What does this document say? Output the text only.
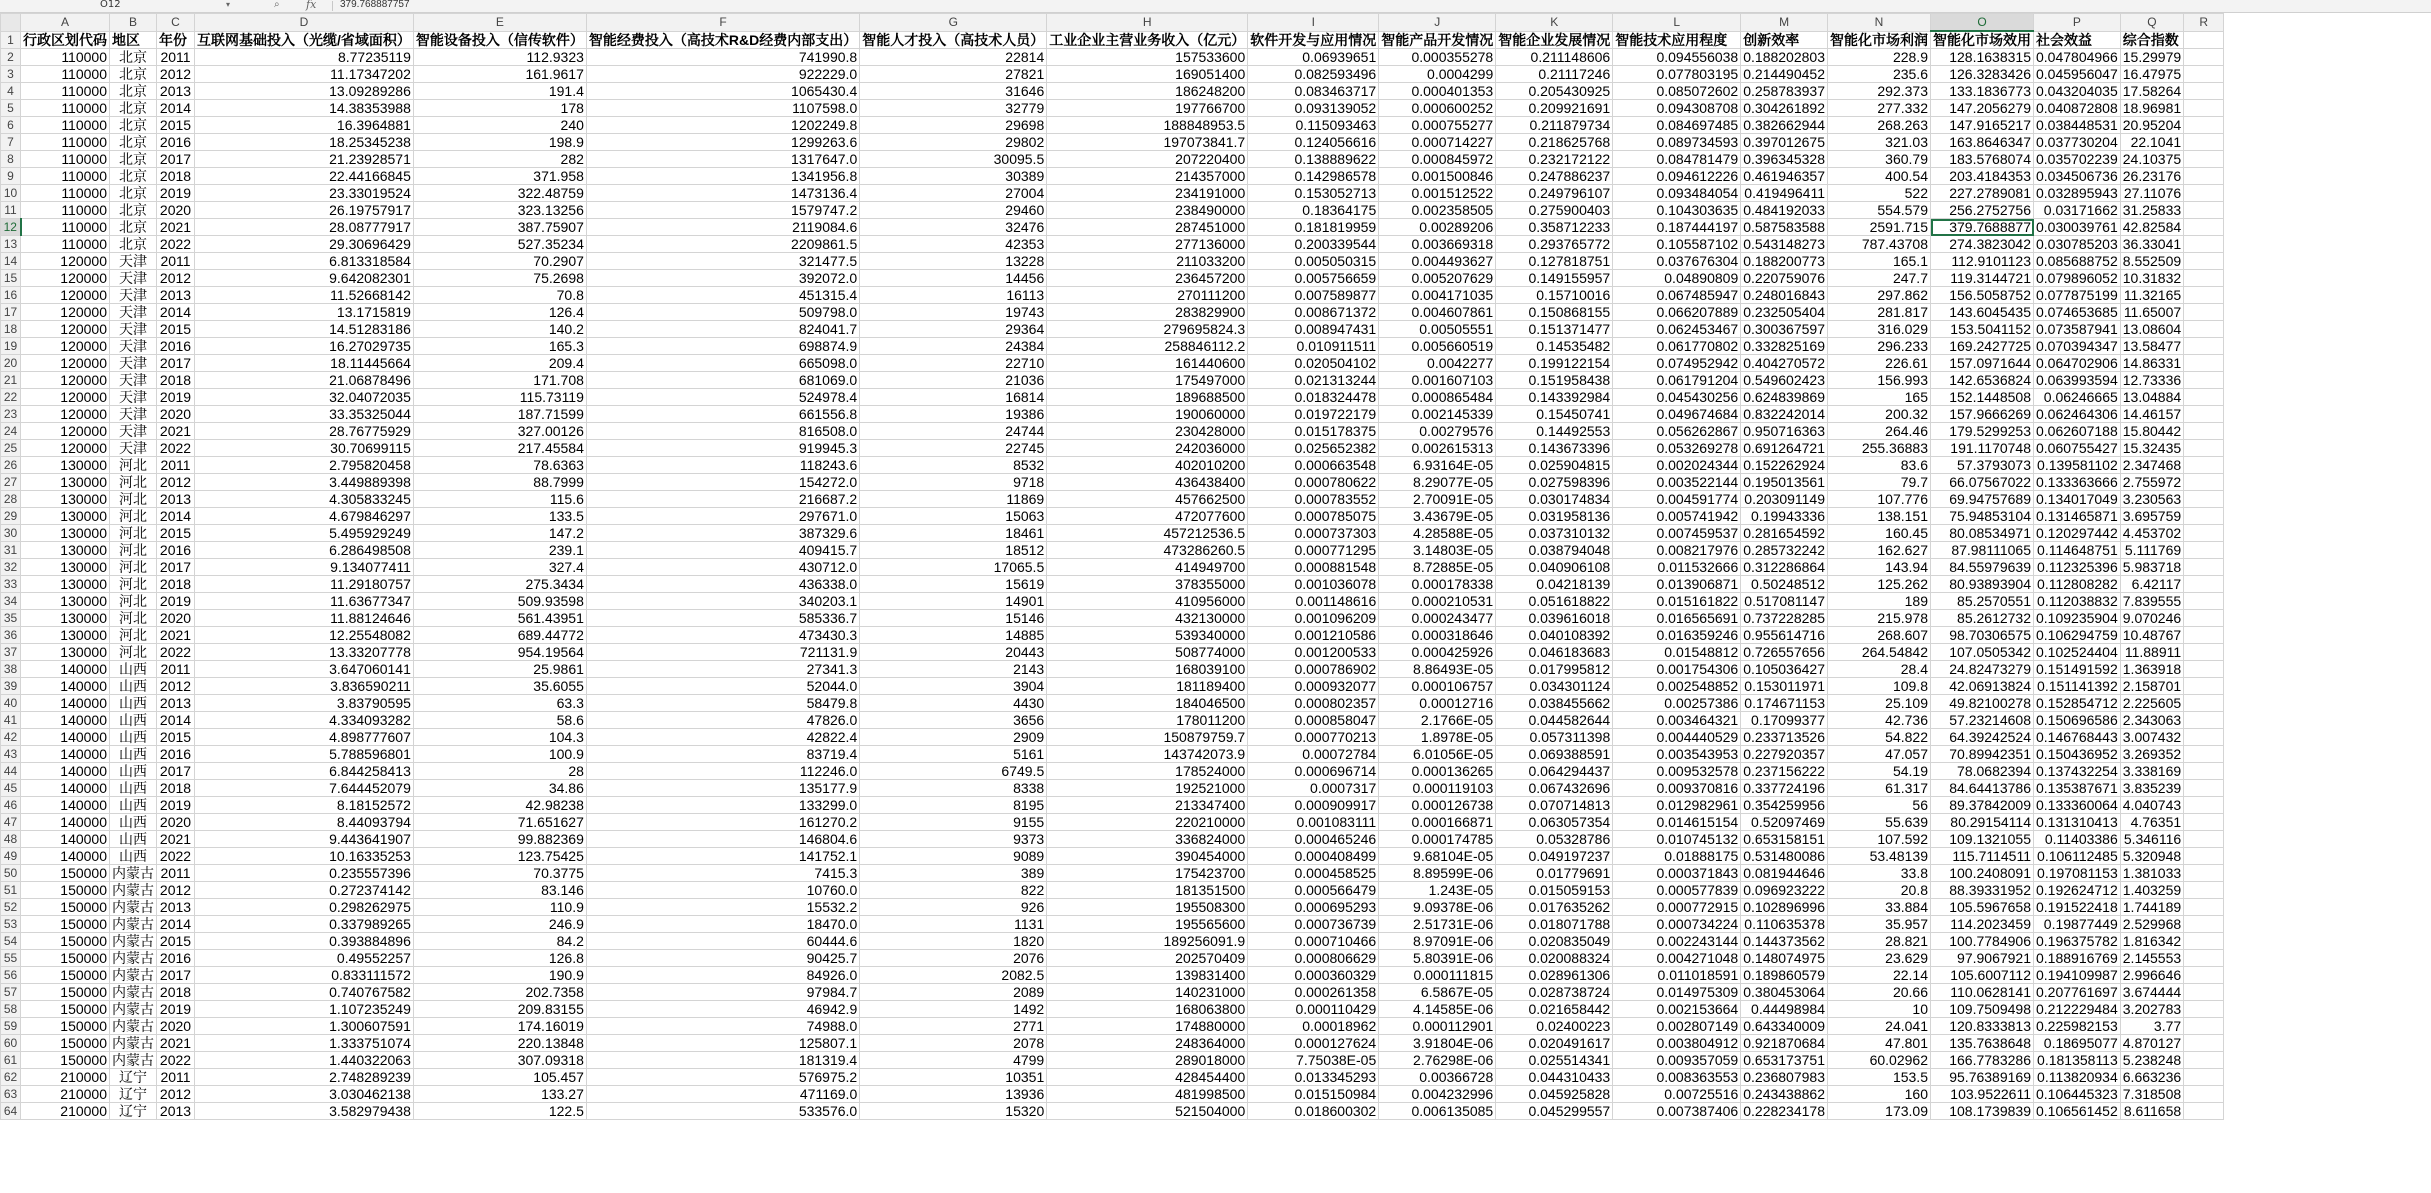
O12	▾	⌕ fx 379.768887757
	A	B	C	D	E	F	G	H	I	J	K	L	M	N	O	P	Q	R
1	行政区划代码	地区	年份	互联网基础投入（光缆/省域面积）	智能设备投入（信传软件）	智能经费投入（高技术R&D经费内部支出）	智能人才投入（高技术人员）	工业企业主营业务收入（亿元）	软件开发与应用情况	智能产品开发情况	智能企业发展情况	智能技术应用程度	创新效率	智能化市场利润	智能化市场效用	社会效益	综合指数	
2	110000	北京	2011	8.77235119	112.9323	741990.8	22814	157533600	0.06939651	0.000355278	0.211148606	0.094556038	0.188202803	228.9	128.1638315	0.047804966	15.29979	
3	110000	北京	2012	11.17347202	161.9617	922229.0	27821	169051400	0.082593496	0.0004299	0.21117246	0.077803195	0.214490452	235.6	126.3283426	0.045956047	16.47975	
4	110000	北京	2013	13.09289286	191.4	1065430.4	31646	186248200	0.083463717	0.000401353	0.205430925	0.085072602	0.258783937	292.373	133.1836773	0.043204035	17.58264	
5	110000	北京	2014	14.38353988	178	1107598.0	32779	197766700	0.093139052	0.000600252	0.209921691	0.094308708	0.304261892	277.332	147.2056279	0.040872808	18.96981	
6	110000	北京	2015	16.3964881	240	1202249.8	29698	188848953.5	0.115093463	0.000755277	0.211879734	0.084697485	0.382662944	268.263	147.9165217	0.038448531	20.95204	
7	110000	北京	2016	18.25345238	198.9	1299263.6	29802	197073841.7	0.124056616	0.000714227	0.218625768	0.089734593	0.397012675	321.03	163.8646347	0.037730204	22.1041	
8	110000	北京	2017	21.23928571	282	1317647.0	30095.5	207220400	0.138889622	0.000845972	0.232172122	0.084781479	0.396345328	360.79	183.5768074	0.035702239	24.10375	
9	110000	北京	2018	22.44166845	371.958	1341956.8	30389	214357000	0.142986578	0.001500846	0.247886237	0.094612226	0.461946357	400.54	203.4184353	0.034506736	26.23176	
10	110000	北京	2019	23.33019524	322.48759	1473136.4	27004	234191000	0.153052713	0.001512522	0.249796107	0.093484054	0.419496411	522	227.2789081	0.032895943	27.11076	
11	110000	北京	2020	26.19757917	323.13256	1579747.2	29460	238490000	0.18364175	0.002358505	0.275900403	0.104303635	0.484192033	554.579	256.2752756	0.03171662	31.25833	
12	110000	北京	2021	28.08777917	387.75907	2119084.6	32476	287451000	0.181819959	0.00289206	0.358712233	0.187444197	0.587583588	2591.715	379.7688877	0.030039761	42.82584	
13	110000	北京	2022	29.30696429	527.35234	2209861.5	42353	277136000	0.200339544	0.003669318	0.293765772	0.105587102	0.543148273	787.43708	274.3823042	0.030785203	36.33041	
14	120000	天津	2011	6.813318584	70.2907	321477.5	13228	211033200	0.005050315	0.004493627	0.127818751	0.037676304	0.188200773	165.1	112.9101123	0.085688752	8.552509	
15	120000	天津	2012	9.642082301	75.2698	392072.0	14456	236457200	0.005756659	0.005207629	0.149155957	0.04890809	0.220759076	247.7	119.3144721	0.079896052	10.31832	
16	120000	天津	2013	11.52668142	70.8	451315.4	16113	270111200	0.007589877	0.004171035	0.15710016	0.067485947	0.248016843	297.862	156.5058752	0.077875199	11.32165	
17	120000	天津	2014	13.1715819	126.4	509798.0	19743	283829900	0.008671372	0.004607861	0.150868155	0.066207889	0.232505404	281.817	143.6045435	0.074653685	11.65007	
18	120000	天津	2015	14.51283186	140.2	824041.7	29364	279695824.3	0.008947431	0.00505551	0.151371477	0.062453467	0.300367597	316.029	153.5041152	0.073587941	13.08604	
19	120000	天津	2016	16.27029735	165.3	698874.9	24384	258846112.2	0.010911511	0.005660519	0.14535482	0.061770802	0.332825169	296.233	169.2427725	0.070394347	13.58477	
20	120000	天津	2017	18.11445664	209.4	665098.0	22710	161440600	0.020504102	0.0042277	0.199122154	0.074952942	0.404270572	226.61	157.0971644	0.064702906	14.86331	
21	120000	天津	2018	21.06878496	171.708	681069.0	21036	175497000	0.021313244	0.001607103	0.151958438	0.061791204	0.549602423	156.993	142.6536824	0.063993594	12.73336	
22	120000	天津	2019	32.04072035	115.73119	524978.4	16814	189688500	0.018324478	0.000865484	0.143392984	0.045430256	0.624839869	165	152.1448508	0.06246665	13.04884	
23	120000	天津	2020	33.35325044	187.71599	661556.8	19386	190060000	0.019722179	0.002145339	0.15450741	0.049674684	0.832242014	200.32	157.9666269	0.062464306	14.46157	
24	120000	天津	2021	28.76775929	327.00126	816508.0	24744	230428000	0.015178375	0.00279576	0.14492553	0.056262867	0.950716363	264.46	179.5299253	0.062607188	15.80442	
25	120000	天津	2022	30.70699115	217.45584	919945.3	22745	242036000	0.025652382	0.002615313	0.143673396	0.053269278	0.691264721	255.36883	191.1170748	0.060755427	15.32435	
26	130000	河北	2011	2.795820458	78.6363	118243.6	8532	402010200	0.000663548	6.93164E-05	0.025904815	0.002024344	0.152262924	83.6	57.3793073	0.139581102	2.347468	
27	130000	河北	2012	3.449889398	88.7999	154272.0	9718	436438400	0.000780622	8.29077E-05	0.027598396	0.003522144	0.195013561	79.7	66.07567022	0.133363666	2.755972	
28	130000	河北	2013	4.305833245	115.6	216687.2	11869	457662500	0.000783552	2.70091E-05	0.030174834	0.004591774	0.203091149	107.776	69.94757689	0.134017049	3.230563	
29	130000	河北	2014	4.679846297	133.5	297671.0	15063	472077600	0.000785075	3.43679E-05	0.031958136	0.005741942	0.19943336	138.151	75.94853104	0.131465871	3.695759	
30	130000	河北	2015	5.495929249	147.2	387329.6	18461	457212536.5	0.000737303	4.28588E-05	0.037310132	0.007459537	0.281654592	160.45	80.08534971	0.120297442	4.453702	
31	130000	河北	2016	6.286498508	239.1	409415.7	18512	473286260.5	0.000771295	3.14803E-05	0.038794048	0.008217976	0.285732242	162.627	87.98111065	0.114648751	5.111769	
32	130000	河北	2017	9.134077411	327.4	430712.0	17065.5	414949700	0.000881548	8.72885E-05	0.040906108	0.011532666	0.312286864	143.94	84.55979639	0.112325396	5.983718	
33	130000	河北	2018	11.29180757	275.3434	436338.0	15619	378355000	0.001036078	0.000178338	0.04218139	0.013906871	0.50248512	125.262	80.93893904	0.112808282	6.42117	
34	130000	河北	2019	11.63677347	509.93598	340203.1	14901	410956000	0.001148616	0.000210531	0.051618822	0.015161822	0.517081147	189	85.2570551	0.112038832	7.839555	
35	130000	河北	2020	11.88124646	561.43951	585336.7	15146	432130000	0.001096209	0.000243477	0.039616018	0.016565691	0.737228285	215.978	85.2612732	0.109235904	9.070246	
36	130000	河北	2021	12.25548082	689.44772	473430.3	14885	539340000	0.001210586	0.000318646	0.040108392	0.016359246	0.955614716	268.607	98.70306575	0.106294759	10.48767	
37	130000	河北	2022	13.33207778	954.19564	721131.9	20443	508774000	0.001200533	0.000425926	0.046183683	0.01548812	0.726557656	264.54842	107.0505342	0.102524404	11.88911	
38	140000	山西	2011	3.647060141	25.9861	27341.3	2143	168039100	0.000786902	8.86493E-05	0.017995812	0.001754306	0.105036427	28.4	24.82473279	0.151491592	1.363918	
39	140000	山西	2012	3.836590211	35.6055	52044.0	3904	181189400	0.000932077	0.000106757	0.034301124	0.002548852	0.153011971	109.8	42.06913824	0.151141392	2.158701	
40	140000	山西	2013	3.83790595	63.3	58479.8	4430	184046500	0.000802357	0.00012716	0.038455662	0.00257386	0.174671153	25.109	49.82100278	0.152854712	2.225605	
41	140000	山西	2014	4.334093282	58.6	47826.0	3656	178011200	0.000858047	2.1766E-05	0.044582644	0.003464321	0.17099377	42.736	57.23214608	0.150696586	2.343063	
42	140000	山西	2015	4.898777607	104.3	42822.4	2909	150879759.7	0.000770213	1.8978E-05	0.057311398	0.004440529	0.233713526	54.822	64.39242524	0.146768443	3.007432	
43	140000	山西	2016	5.788596801	100.9	83719.4	5161	143742073.9	0.00072784	6.01056E-05	0.069388591	0.003543953	0.227920357	47.057	70.89942351	0.150436952	3.269352	
44	140000	山西	2017	6.844258413	28	112246.0	6749.5	178524000	0.000696714	0.000136265	0.064294437	0.009532578	0.237156222	54.19	78.0682394	0.137432254	3.338169	
45	140000	山西	2018	7.644452079	34.86	135177.9	8338	192521000	0.0007317	0.000119103	0.067432696	0.009370816	0.337724196	61.317	84.64413786	0.135387671	3.835239	
46	140000	山西	2019	8.18152572	42.98238	133299.0	8195	213347400	0.000909917	0.000126738	0.070714813	0.012982961	0.354259956	56	89.37842009	0.133360064	4.040743	
47	140000	山西	2020	8.44093794	71.651627	161270.2	9155	220210000	0.001083111	0.000166871	0.063057354	0.014615154	0.52097469	55.639	80.29154114	0.131310413	4.76351	
48	140000	山西	2021	9.443641907	99.882369	146804.6	9373	336824000	0.000465246	0.000174785	0.05328786	0.010745132	0.653158151	107.592	109.1321055	0.11403386	5.346116	
49	140000	山西	2022	10.16335253	123.75425	141752.1	9089	390454000	0.000408499	9.68104E-05	0.049197237	0.01888175	0.531480086	53.48139	115.7114511	0.106112485	5.320948	
50	150000	内蒙古	2011	0.235557396	70.3775	7415.3	389	175423700	0.000458525	8.89599E-06	0.01779691	0.000371843	0.081944646	33.8	100.2408091	0.197081153	1.381033	
51	150000	内蒙古	2012	0.272374142	83.146	10760.0	822	181351500	0.000566479	1.243E-05	0.015059153	0.000577839	0.096923222	20.8	88.39331952	0.192624712	1.403259	
52	150000	内蒙古	2013	0.298262975	110.9	15532.2	926	195508300	0.000695293	9.09378E-06	0.017635262	0.000772915	0.102896996	33.884	105.5967658	0.191522418	1.744189	
53	150000	内蒙古	2014	0.337989265	246.9	18470.0	1131	195565600	0.000736739	2.51731E-06	0.018071788	0.000734224	0.110635378	35.957	114.2023459	0.19877449	2.529968	
54	150000	内蒙古	2015	0.393884896	84.2	60444.6	1820	189256091.9	0.000710466	8.97091E-06	0.020835049	0.002243144	0.144373562	28.821	100.7784906	0.196375782	1.816342	
55	150000	内蒙古	2016	0.49552257	126.8	90425.7	2076	202570409	0.000806629	5.80391E-06	0.020088324	0.004271048	0.148074975	23.629	97.9067921	0.188916769	2.145553	
56	150000	内蒙古	2017	0.833111572	190.9	84926.0	2082.5	139831400	0.000360329	0.000111815	0.028961306	0.011018591	0.189860579	22.14	105.6007112	0.194109987	2.996646	
57	150000	内蒙古	2018	0.740767582	202.7358	97984.7	2089	140231000	0.000261358	6.5867E-05	0.028738724	0.014975309	0.380453064	20.66	110.0628141	0.207761697	3.674444	
58	150000	内蒙古	2019	1.107235249	209.83155	46942.9	1492	168063800	0.000110429	4.14585E-06	0.021658442	0.002153664	0.44498984	10	109.7509498	0.212229484	3.202783	
59	150000	内蒙古	2020	1.300607591	174.16019	74988.0	2771	174880000	0.00018962	0.000112901	0.02400223	0.002807149	0.643340009	24.041	120.8333813	0.225982153	3.77	
60	150000	内蒙古	2021	1.333751074	220.13848	125807.1	2078	248364000	0.000127624	3.91804E-06	0.020491617	0.003804912	0.921870684	47.801	135.7638648	0.18695077	4.870127	
61	150000	内蒙古	2022	1.440322063	307.09318	181319.4	4799	289018000	7.75038E-05	2.76298E-06	0.025514341	0.009357059	0.653173751	60.02962	166.7783286	0.181358113	5.238248	
62	210000	辽宁	2011	2.748289239	105.457	576975.2	10351	428454400	0.013345293	0.00366728	0.044310433	0.008363553	0.236807983	153.5	95.76389169	0.113820934	6.663236	
63	210000	辽宁	2012	3.030462138	133.27	471169.0	13936	481998500	0.015150984	0.004232996	0.045925828	0.00725516	0.243438862	160	103.9522611	0.106445323	7.318508	
64	210000	辽宁	2013	3.582979438	122.5	533576.0	15320	521504000	0.018600302	0.006135085	0.045299557	0.007387406	0.228234178	173.09	108.1739839	0.106561452	8.611658	
